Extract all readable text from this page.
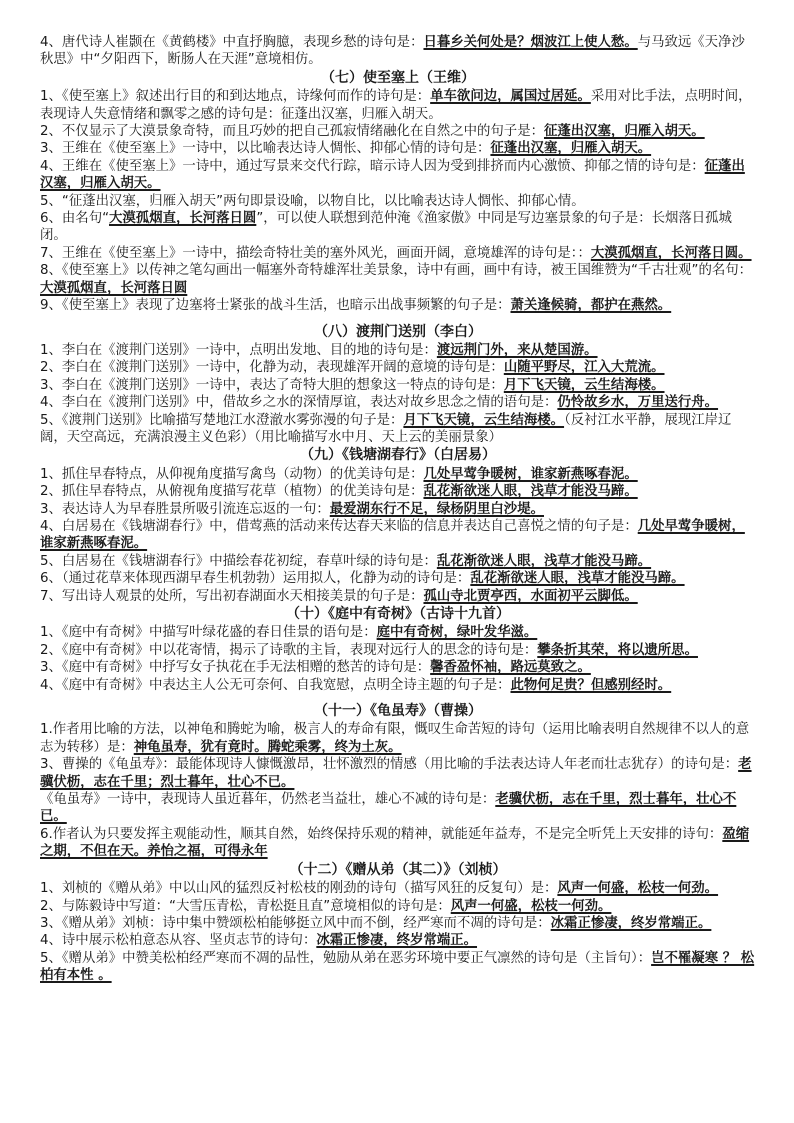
4、唐代诗人崔颢在《黄鹤楼》中直抒胸臆，表现乡愁的诗句是：日暮乡关何处是？烟波江上使人愁。与马致远《天净沙 秋思》中“夕阳西下，断肠人在天涯”意境相仿。
（七）使至塞上（王维）
1、《使至塞上》叙述出行目的和到达地点，诗缘何而作的诗句是：单车欲问边，属国过居延。采用对比手法，点明时间，表现诗人失意情绪和飘零之感的诗句是：征蓬出汉塞，归雁入胡天。
2、不仅显示了大漠景象奇特，而且巧妙的把自己孤寂情绪融化在自然之中的句子是：征蓬出汉塞，归雁入胡天。
3、王维在《使至塞上》一诗中，以比喻表达诗人惆怅、抑郁心情的诗句是：征蓬出汉塞，归雁入胡天。
4、王维在《使至塞上》一诗中，通过写景来交代行踪，暗示诗人因为受到排挤而内心激愤、抑郁之情的诗句是：征蓬出汉塞，归雁入胡天。
5、“征蓬出汉塞，归雁入胡天”两句即景设喻，以物自比，以比喻表达诗人惆怅、抑郁心情。
6、由名句“大漠孤烟直，长河落日圆”，可以使人联想到范仲淹《渔家傲》中同是写边塞景象的句子是：长烟落日孤城闭。
7、王维在《使至塞上》一诗中，描绘奇特壮美的塞外风光，画面开阔，意境雄浑的诗句是：：大漠孤烟直，长河落日圆。
8、《使至塞上》以传神之笔勾画出一幅塞外奇特雄浑壮美景象，诗中有画，画中有诗，被王国维赞为“千古壮观”的名句：大漠孤烟直，长河落日圆
9、《使至塞上》表现了边塞将士紧张的战斗生活，也暗示出战事频繁的句子是：萧关逢候骑，都护在燕然。
（八）渡荆门送别（李白）
1、李白在《渡荆门送别》一诗中，点明出发地、目的地的诗句是：渡远荆门外，来从楚国游。
2、李白在《渡荆门送别》一诗中，化静为动，表现雄浑开阔的意境的诗句是：山随平野尽，江入大荒流。
3、李白在《渡荆门送别》一诗中，表达了奇特大胆的想象这一特点的诗句是：月下飞天镜，云生结海楼。
4、李白在《渡荆门送别》中，借故乡之水的深情厚谊，表达对故乡思念之情的语句是：仍怜故乡水，万里送行舟。
5、《渡荆门送别》比喻描写楚地江水澄澈水雾弥漫的句子是：月下飞天镜，云生结海楼。（反衬江水平静，展现江岸辽阔，天空高远，充满浪漫主义色彩）（用比喻描写水中月、天上云的美丽景象）
（九）《钱塘湖春行》（白居易）
1、抓住早春特点，从仰视角度描写禽鸟（动物）的优美诗句是：几处早莺争暖树，谁家新燕啄春泥。
2、抓住早春特点，从俯视角度描写花草（植物）的优美诗句是：乱花渐欲迷人眼，浅草才能没马蹄。
3、表达诗人为早春胜景所吸引流连忘返的一句：最爱湖东行不足，绿杨阴里白沙堤。
4、白居易在《钱塘湖春行》中，借莺燕的活动来传达春天来临的信息并表达自己喜悦之情的句子是：几处早莺争暖树，谁家新燕啄春泥。
5、白居易在《钱塘湖春行》中描绘春花初绽，春草叶绿的诗句是：乱花渐欲迷人眼，浅草才能没马蹄。
6、（通过花草来体现西湖早春生机勃勃）运用拟人，化静为动的诗句是：乱花渐欲迷人眼，浅草才能没马蹄。
7、写出诗人观景的处所，写出初春湖面水天相接美景的句子是：孤山寺北贾亭西，水面初平云脚低。
（十）《庭中有奇树》（古诗十九首）
1、《庭中有奇树》中描写叶绿花盛的春日佳景的语句是：庭中有奇树，绿叶发华滋。
2、《庭中有奇树》中以花寄情，揭示了诗歌的主旨，表现对远行人的思念的诗句是：攀条折其荣，将以遗所思。
3、《庭中有奇树》中抒写女子执花在手无法相赠的愁苦的诗句是：馨香盈怀袖，路远莫致之。
4、《庭中有奇树》中表达主人公无可奈何、自我宽慰，点明全诗主题的句子是：此物何足贵？但感别经时。
（十一）《龟虽寿》（曹操）
1.作者用比喻的方法，以神龟和腾蛇为喻，极言人的寿命有限，慨叹生命苦短的诗句（运用比喻表明自然规律不以人的意志为转移）是：神龟虽寿，犹有竟时。腾蛇乘雾，终为土灰。
3、曹操的《龟虽寿》：最能体现诗人慷慨激昂，壮怀激烈的情感（用比喻的手法表达诗人年老而壮志犹存）的诗句是：老骥伏枥，志在千里；烈士暮年，壮心不已。
《龟虽寿》一诗中，表现诗人虽近暮年，仍然老当益壮，雄心不减的诗句是：老骥伏枥，志在千里，烈士暮年，壮心不已。
6.作者认为只要发挥主观能动性，顺其自然，始终保持乐观的精神，就能延年益寿，不是完全听凭上天安排的诗句：盈缩之期，不但在天。养怡之福，可得永年
（十二）《赠从弟（其二）》（刘桢）
1、刘桢的《赠从弟》中以山风的猛烈反衬松枝的刚劲的诗句（描写风狂的反复句）是：风声一何盛，松枝一何劲。
2、与陈毅诗中写道：“大雪压青松，青松挺且直”意境相似的诗句是：风声一何盛，松枝一何劲。
3、《赠从弟》刘桢：诗中集中赞颂松柏能够挺立风中而不倒，经严寒而不凋的诗句是：冰霜正惨凄，终岁常端正。
4、诗中展示松柏意态从容、坚贞志节的诗句：冰霜正惨凄，终岁常端正。
5、《赠从弟》中赞美松柏经严寒而不凋的品性，勉励从弟在恶劣环境中要正气凛然的诗句是（主旨句）：岂不罹凝寒 ？ 松柏有本性 。
